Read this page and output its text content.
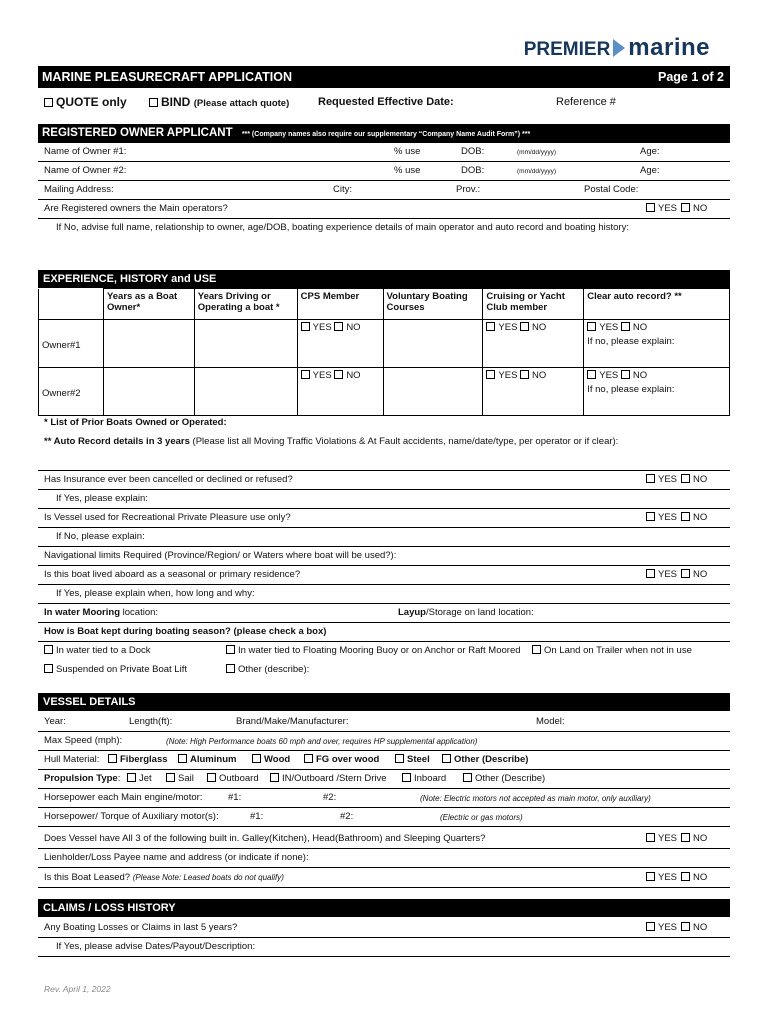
PREMIER marine
MARINE PLEASURECRAFT APPLICATION	Page 1 of 2
QUOTE only	BIND (Please attach quote)	Requested Effective Date:	Reference #
REGISTERED OWNER APPLICANT *** (Company names also require our supplementary “Company Name Audit Form”) ***
Name of Owner #1:	% use	DOB:	(mm/dd/yyyy)	Age:
Name of Owner #2:	% use	DOB:	(mm/dd/yyyy)	Age:
Mailing Address:	City:	Prov.:	Postal Code:
Are Registered owners the Main operators?	YES	NO
If No, advise full name, relationship to owner, age/DOB, boating experience details of main operator and auto record and boating history:
EXPERIENCE, HISTORY and USE
	Years as a Boat Owner*	Years Driving or Operating a boat *	CPS Member	Voluntary Boating Courses	Cruising or Yacht Club member	Clear auto record? **
Owner#1			YES NO		YES NO	YES NO

If no, please explain:

Owner#2			YES NO		YES NO	YES NO

If no, please explain:
* List of Prior Boats Owned or Operated:
** Auto Record details in 3 years (Please list all Moving Traffic Violations & At Fault accidents, name/date/type, per operator or if clear):
Has Insurance ever been cancelled or declined or refused?	YES	NO
If Yes, please explain:
Is Vessel used for Recreational Private Pleasure use only?	YES	NO
If No, please explain:
Navigational limits Required (Province/Region/ or Waters where boat will be used?):
Is this boat lived aboard as a seasonal or primary residence?	YES	NO
If Yes, please explain when, how long and why:
In water Mooring location:	Layup/Storage on land location:
How is Boat kept during boating season? (please check a box)
In water tied to a Dock	In water tied to Floating Mooring Buoy or on Anchor or Raft Moored	On Land on Trailer when not in use
Suspended on Private Boat Lift	Other (describe):
VESSEL DETAILS
Year:	Length(ft):	Brand/Make/Manufacturer:	Model:
Max Speed (mph):	(Note: High Performance boats 60 mph and over, requires HP supplemental application)
Hull Material:	Fiberglass	Aluminum	Wood	FG over wood	Steel	Other (Describe)
Propulsion Type:	Jet	Sail	Outboard	IN/Outboard /Stern Drive	Inboard	Other (Describe)
Horsepower each Main engine/motor:	#1:	#2:	(Note: Electric motors not accepted as main motor, only auxiliary)
Horsepower/ Torque of Auxiliary motor(s):	#1:	#2:	(Electric or gas motors)
Does Vessel have All 3 of the following built in. Galley(Kitchen), Head(Bathroom) and Sleeping Quarters?	YES	NO
Lienholder/Loss Payee name and address (or indicate if none):
Is this Boat Leased? (Please Note: Leased boats do not qualify)	YES	NO
CLAIMS / LOSS HISTORY
Any Boating Losses or Claims in last 5 years?	YES	NO
If Yes, please advise Dates/Payout/Description:
Rev. April 1, 2022
